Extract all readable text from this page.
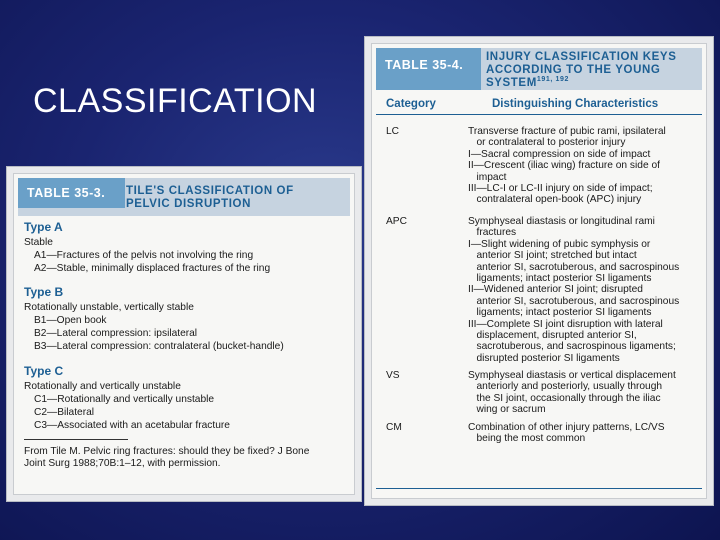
CLASSIFICATION
TABLE 35-3.	TILE'S CLASSIFICATION OF
PELVIC DISRUPTION
Type A
Stable
A1—Fractures of the pelvis not involving the ring
A2—Stable, minimally displaced fractures of the ring
Type B
Rotationally unstable, vertically stable
B1—Open book
B2—Lateral compression: ipsilateral
B3—Lateral compression: contralateral (bucket-handle)
Type C
Rotationally and vertically unstable
C1—Rotationally and vertically unstable
C2—Bilateral
C3—Associated with an acetabular fracture
From Tile M. Pelvic ring fractures: should they be fixed? J Bone
Joint Surg 1988;70B:1–12, with permission.
TABLE 35-4.
INJURY CLASSIFICATION KEYS
ACCORDING TO THE YOUNG
SYSTEM$^{191, 192}$
Category	Distinguishing Characteristics
LC	Transverse fracture of pubic rami, ipsilateral
or contralateral to posterior injury
I—Sacral compression on side of impact
II—Crescent (iliac wing) fracture on side of
impact
III—LC-I or LC-II injury on side of impact;
contralateral open-book (APC) injury
APC	Symphyseal diastasis or longitudinal rami
fractures
I—Slight widening of pubic symphysis or
anterior SI joint; stretched but intact
anterior SI, sacrotuberous, and sacrospinous
ligaments; intact posterior SI ligaments
II—Widened anterior SI joint; disrupted
anterior SI, sacrotuberous, and sacrospinous
ligaments; intact posterior SI ligaments
III—Complete SI joint disruption with lateral
displacement, disrupted anterior SI,
sacrotuberous, and sacrospinous ligaments;
disrupted posterior SI ligaments
VS	Symphyseal diastasis or vertical displacement
anteriorly and posteriorly, usually through
the SI joint, occasionally through the iliac
wing or sacrum
CM	Combination of other injury patterns, LC/VS
being the most common
